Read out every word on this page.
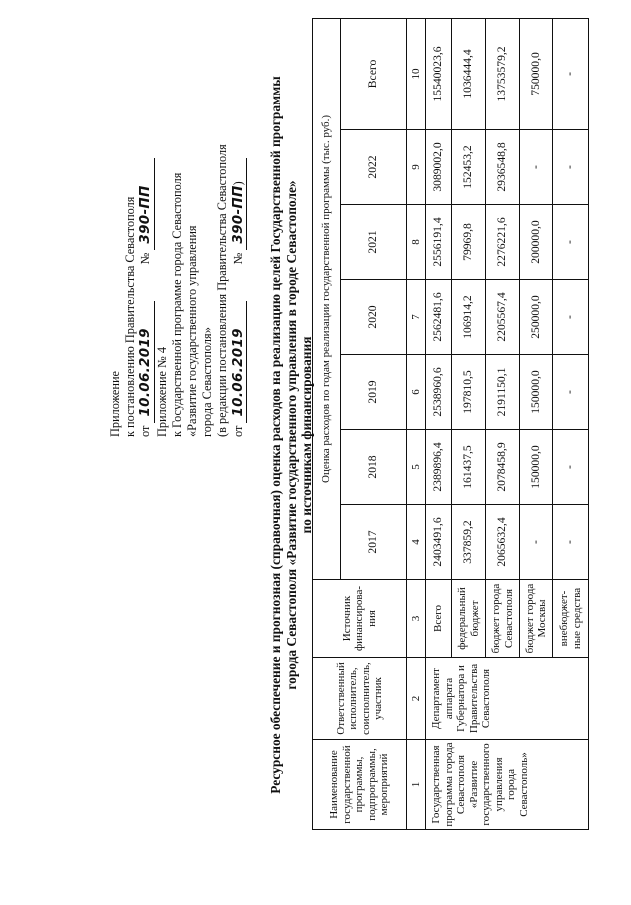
Приложение к постановлению Правительства Севастополя от 10.06.2019  № 390-ПП
Приложение № 4 к Государственной программе города Севастополя «Развитие государственного управления города Севастополя» (в редакции постановления Правительства Севастополя от 10.06.2019  № 390-ПП) Ресурсное обеспечение и прогнозная (справочная) оценка расходов на реализацию целей Государственной программы города Севастополя «Развитие государственного управления в городе Севастополе» по источникам финансирования
Наименование государственной программы, подпрограммы, мероприятий	Ответственный исполнитель, соисполнитель, участник	Источник финансирова-ния	Оценка расходов по годам реализации государственной программы (тыс. руб.)						
			2017	2018	2019	2020	2021	2022	Всего
1	2	3	4	5	6	7	8	9	10
Государственная программа города Севастополя «Развитие государственного управления города Севастополь»	Департамент аппарата Губернатора и Правительства Севастополя	Всего	2403491,6	2389896,4	2538960,6	2562481,6	2556191,4	3089002,0	15540023,6
		федеральный бюджет	337859,2	161437,5	197810,5	106914,2	79969,8	152453,2	1036444,4
		бюджет города Севастополя	2065632,4	2078458,9	2191150,1	2205567,4	2276221,6	2936548,8	13753579,2
		бюджет города Москвы	-	150000,0	150000,0	250000,0	200000,0	-	750000,0
		внебюджет-ные средства	-	-	-	-	-	-	-
